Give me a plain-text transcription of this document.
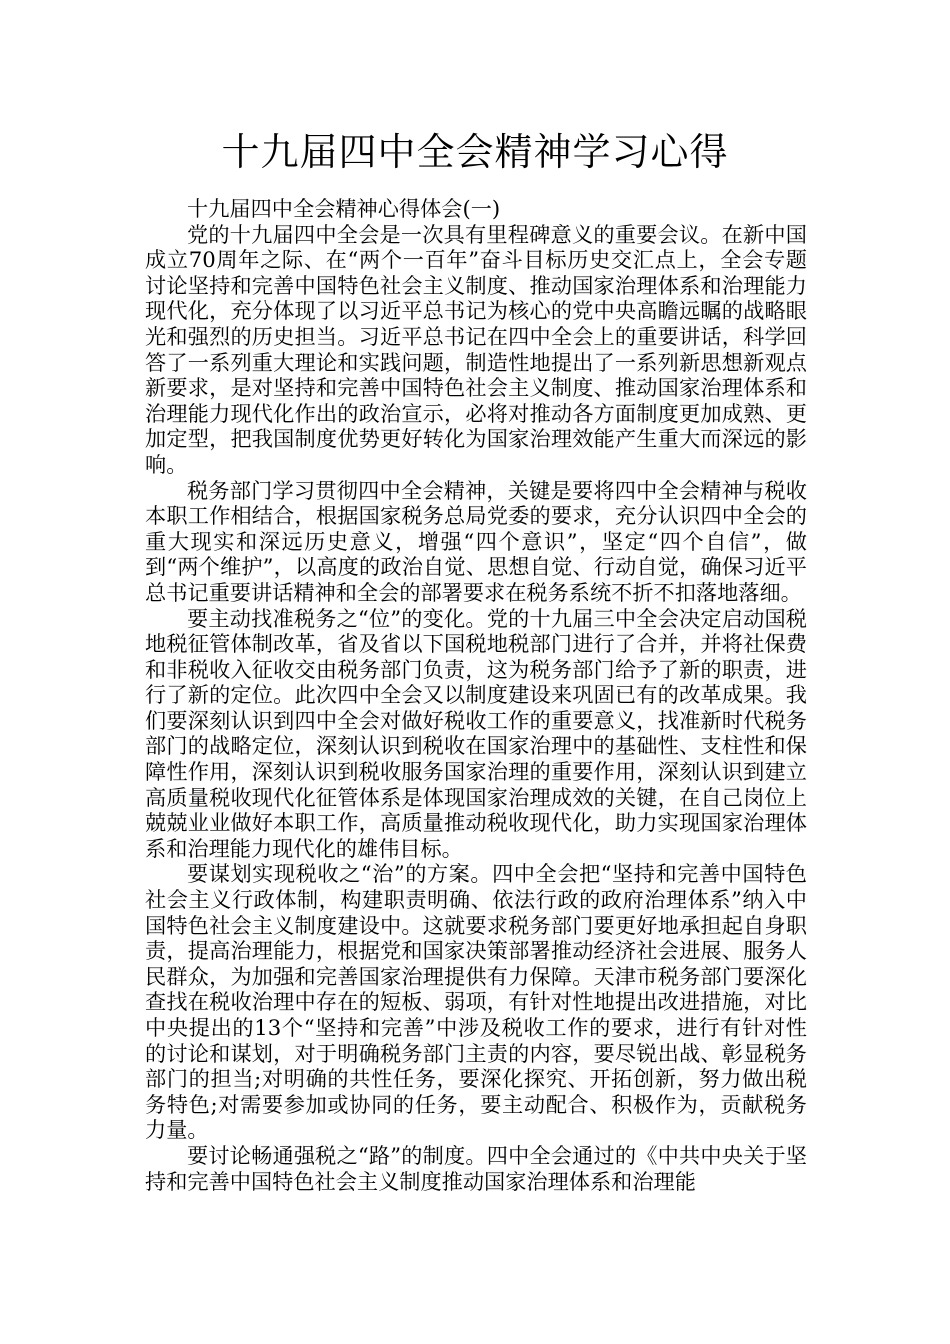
十九届四中全会精神学习心得

十九届四中全会精神心得体会(一)

党的十九届四中全会是一次具有里程碑意义的重要会议。在新中国成立70周年之际、在“两个一百年”奋斗目标历史交汇点上，全会专题讨论坚持和完善中国特色社会主义制度、推动国家治理体系和治理能力现代化，充分体现了以习近平总书记为核心的党中央高瞻远瞩的战略眼光和强烈的历史担当。习近平总书记在四中全会上的重要讲话，科学回答了一系列重大理论和实践问题，制造性地提出了一系列新思想新观点新要求，是对坚持和完善中国特色社会主义制度、推动国家治理体系和治理能力现代化作出的政治宣示，必将对推动各方面制度更加成熟、更加定型，把我国制度优势更好转化为国家治理效能产生重大而深远的影响。

税务部门学习贯彻四中全会精神，关键是要将四中全会精神与税收本职工作相结合，根据国家税务总局党委的要求，充分认识四中全会的重大现实和深远历史意义，增强“四个意识”，坚定“四个自信”，做到“两个维护”，以高度的政治自觉、思想自觉、行动自觉，确保习近平总书记重要讲话精神和全会的部署要求在税务系统不折不扣落地落细。

要主动找准税务之“位”的变化。党的十九届三中全会决定启动国税地税征管体制改革，省及省以下国税地税部门进行了合并，并将社保费和非税收入征收交由税务部门负责，这为税务部门给予了新的职责，进行了新的定位。此次四中全会又以制度建设来巩固已有的改革成果。我们要深刻认识到四中全会对做好税收工作的重要意义，找准新时代税务部门的战略定位，深刻认识到税收在国家治理中的基础性、支柱性和保障性作用，深刻认识到税收服务国家治理的重要作用，深刻认识到建立高质量税收现代化征管体系是体现国家治理成效的关键，在自己岗位上兢兢业业做好本职工作，高质量推动税收现代化，助力实现国家治理体系和治理能力现代化的雄伟目标。

要谋划实现税收之“治”的方案。四中全会把“坚持和完善中国特色社会主义行政体制，构建职责明确、依法行政的政府治理体系”纳入中国特色社会主义制度建设中。这就要求税务部门要更好地承担起自身职责，提高治理能力，根据党和国家决策部署推动经济社会进展、服务人民群众，为加强和完善国家治理提供有力保障。天津市税务部门要深化查找在税收治理中存在的短板、弱项，有针对性地提出改进措施，对比中央提出的13个“坚持和完善”中涉及税收工作的要求，进行有针对性的讨论和谋划，对于明确税务部门主责的内容，要尽锐出战、彰显税务部门的担当;对明确的共性任务，要深化探究、开拓创新，努力做出税务特色;对需要参加或协同的任务，要主动配合、积极作为，贡献税务力量。

要讨论畅通强税之“路”的制度。四中全会通过的《中共中央关于坚持和完善中国特色社会主义制度推动国家治理体系和治理能
